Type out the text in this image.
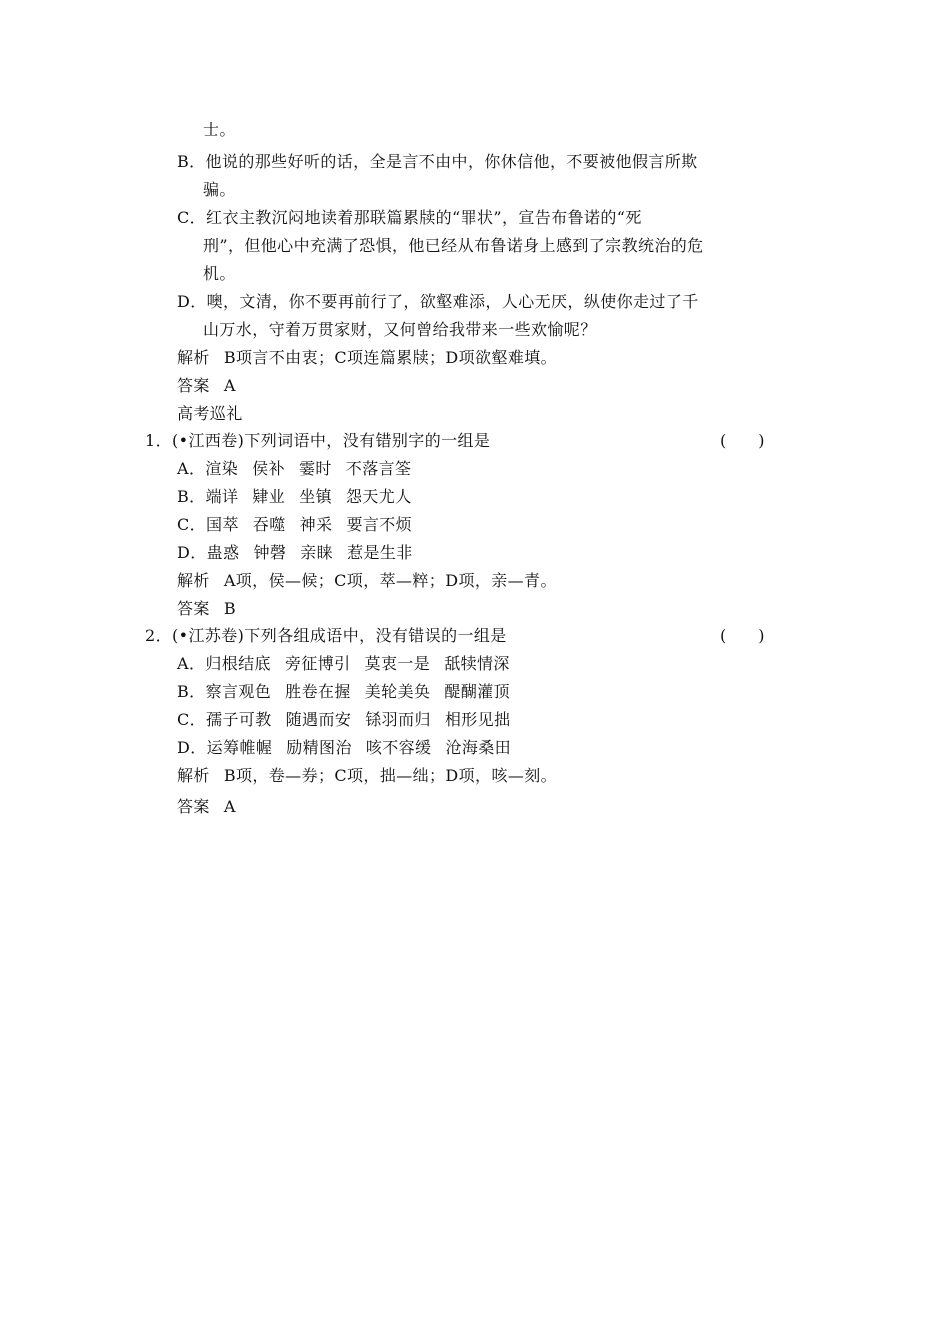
士。
B．他说的那些好听的话，全是言不由中，你休信他，不要被他假言所欺
骗。
C．红衣主教沉闷地读着那联篇累牍的“罪状”，宣告布鲁诺的“死
刑”，但他心中充满了恐惧，他已经从布鲁诺身上感到了宗教统治的危
机。
D．噢，文清，你不要再前行了，欲壑难添，人心无厌，纵使你走过了千
山万水，守着万贯家财，又何曾给我带来一些欢愉呢？
解析 B项言不由衷；C项连篇累牍；D项欲壑难填。
答案 A
高考巡礼
1．(•江西卷)下列词语中，没有错别字的一组是	(　　)
A．渲染 侯补 霎时 不落言筌
B．端详 肄业 坐镇 怨天尤人
C．国萃 吞噬 神采 要言不烦
D．蛊惑 钟磬 亲睐 惹是生非
解析 A项，侯—候；C项，萃—粹；D项，亲—青。
答案 B
2．(•江苏卷)下列各组成语中，没有错误的一组是	(　　)
A．归根结底 旁征博引 莫衷一是 舐犊情深
B．察言观色 胜卷在握 美轮美奂 醍醐灌顶
C．孺子可教 随遇而安 铩羽而归 相形见拙
D．运筹帷幄 励精图治 咳不容缓 沧海桑田
解析 B项，卷—券；C项，拙—绌；D项，咳—刻。
答案 A
